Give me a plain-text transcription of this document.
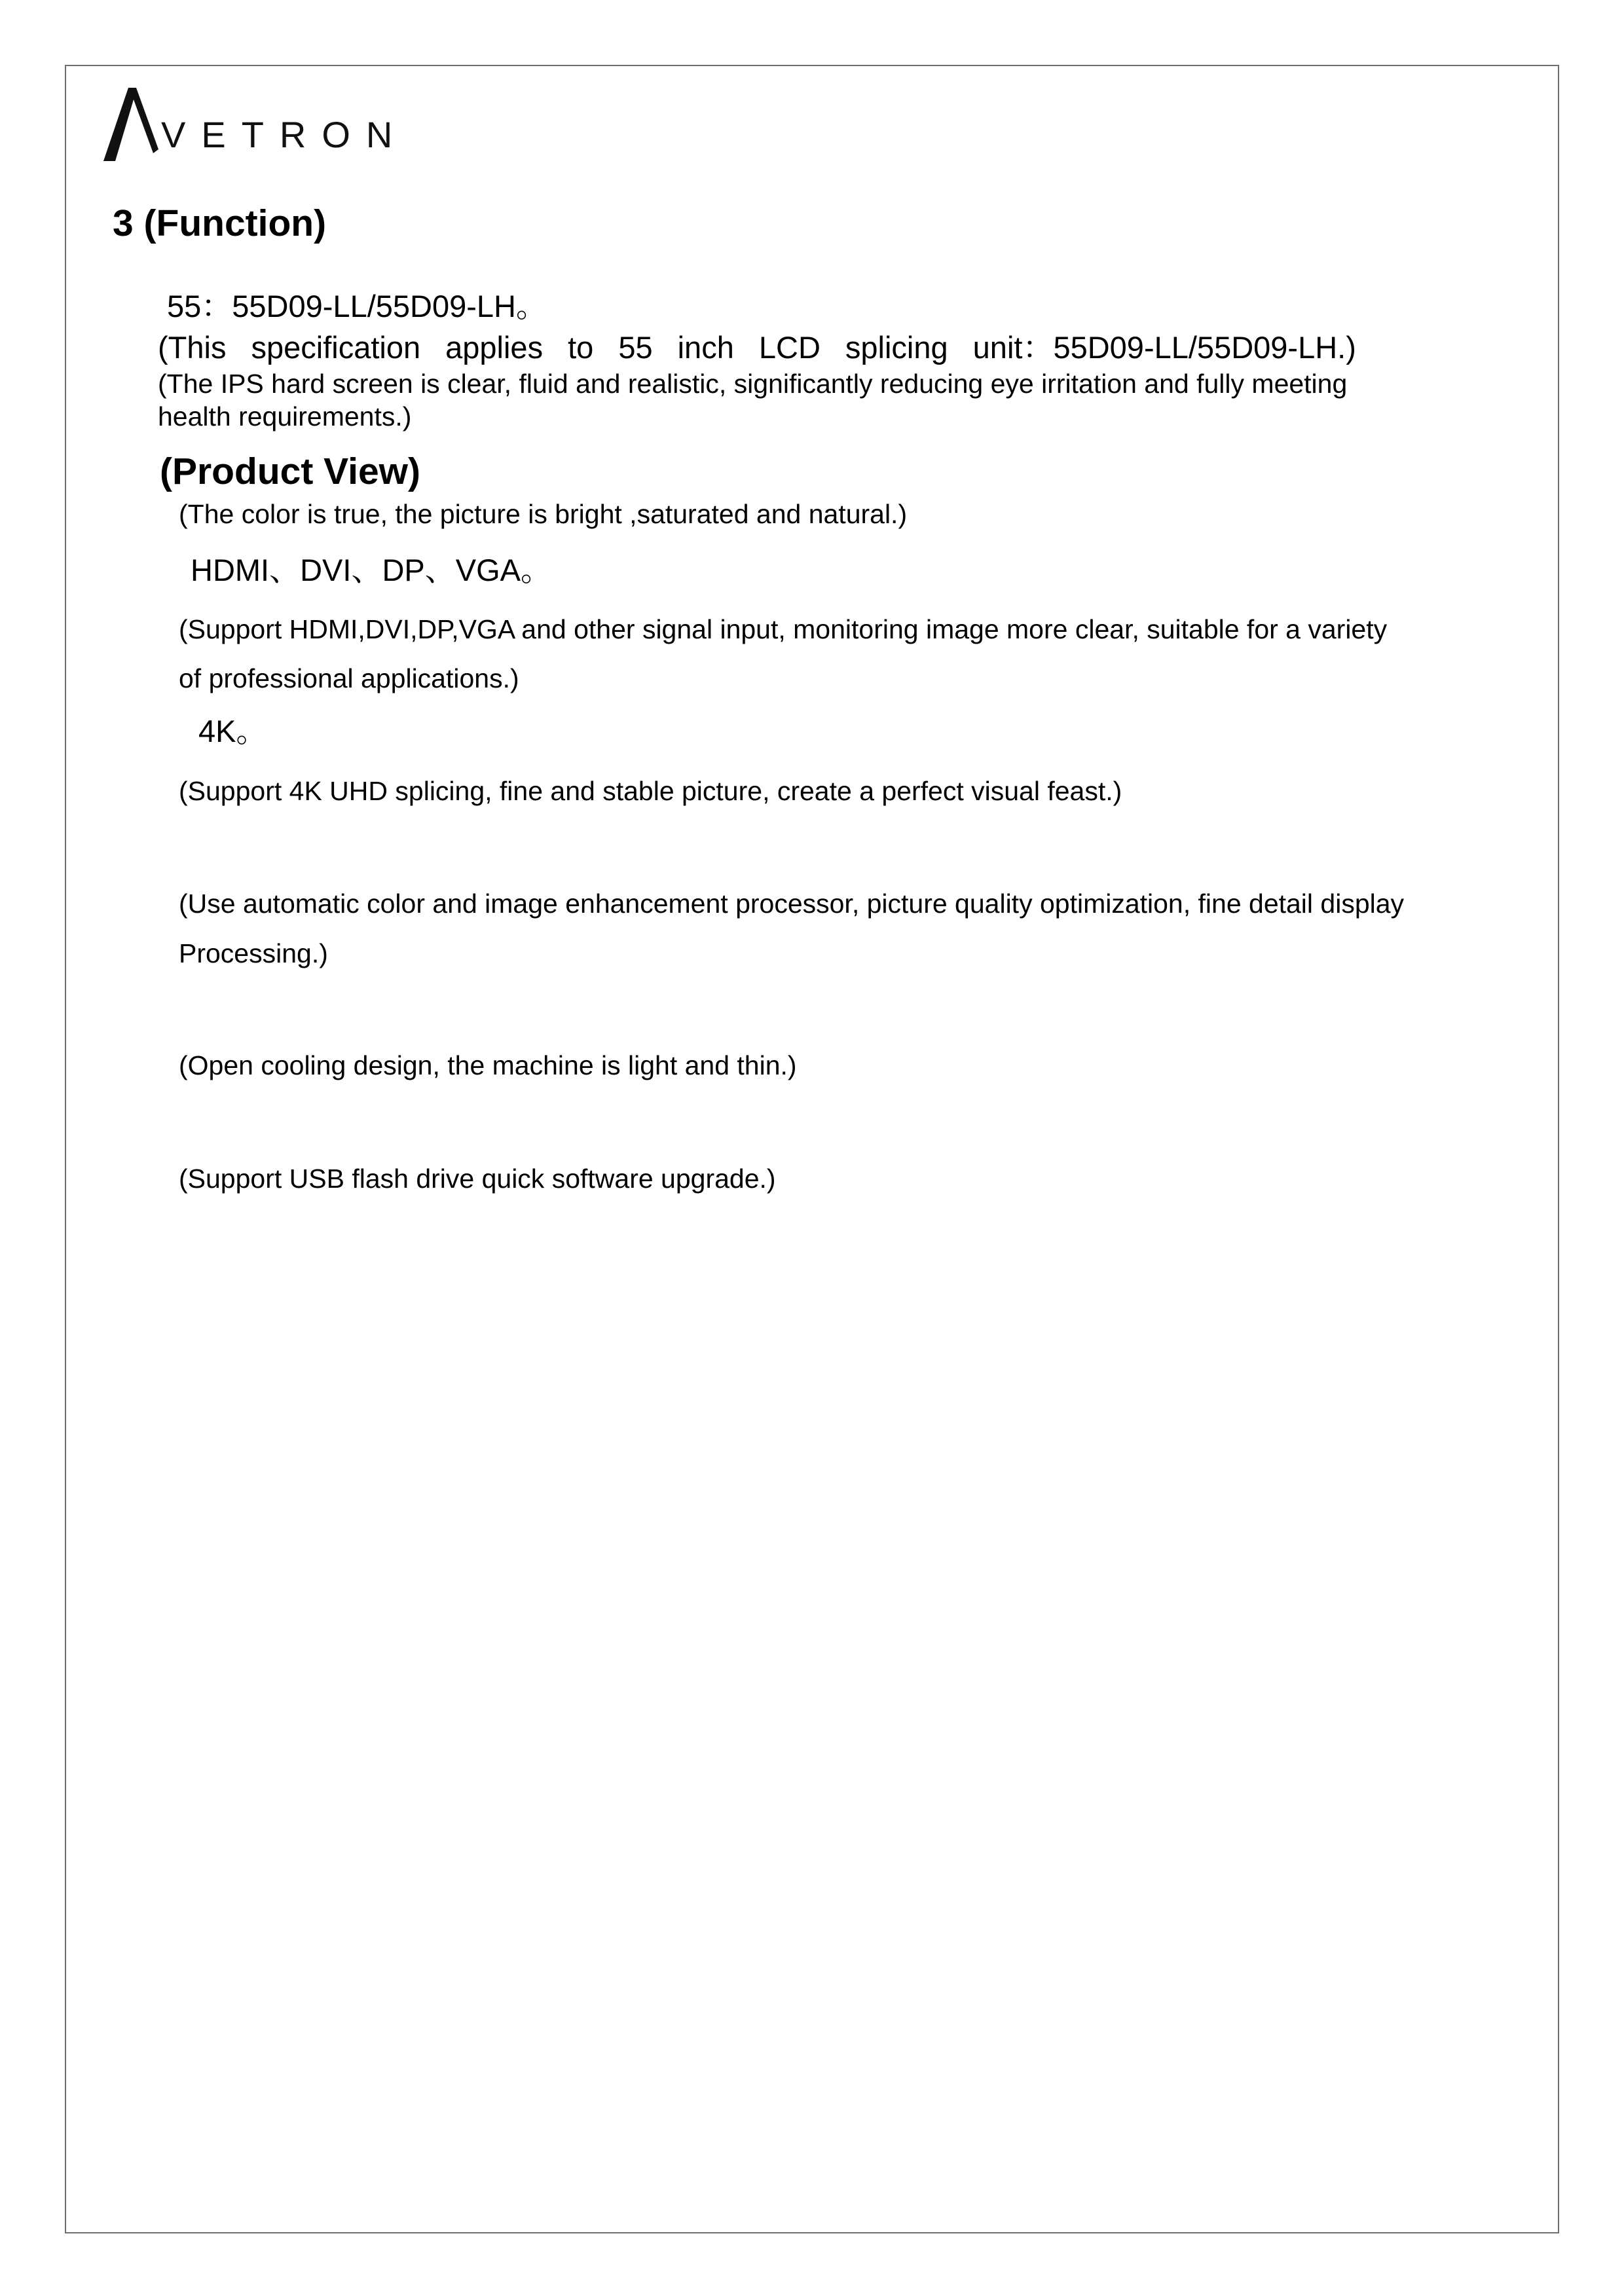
VETRON
3 (Function)
55：55D09-LL/55D09-LH。
(This specification applies to 55 inch LCD splicing unit：55D09-LL/55D09-LH.)
(The IPS hard screen is clear, fluid and realistic, significantly reducing eye irritation and fully meeting health requirements.)
(Product View)
(The color is true, the picture is bright ,saturated and natural.)
HDMI、DVI、DP、VGA。
(Support HDMI,DVI,DP,VGA and other signal input, monitoring image more clear, suitable for a variety
of professional applications.)
4K。
(Support 4K UHD splicing, fine and stable picture, create a perfect visual feast.)
(Use automatic color and image enhancement processor, picture quality optimization, fine detail display
Processing.)
(Open cooling design, the machine is light and thin.)
(Support USB flash drive quick software upgrade.)
